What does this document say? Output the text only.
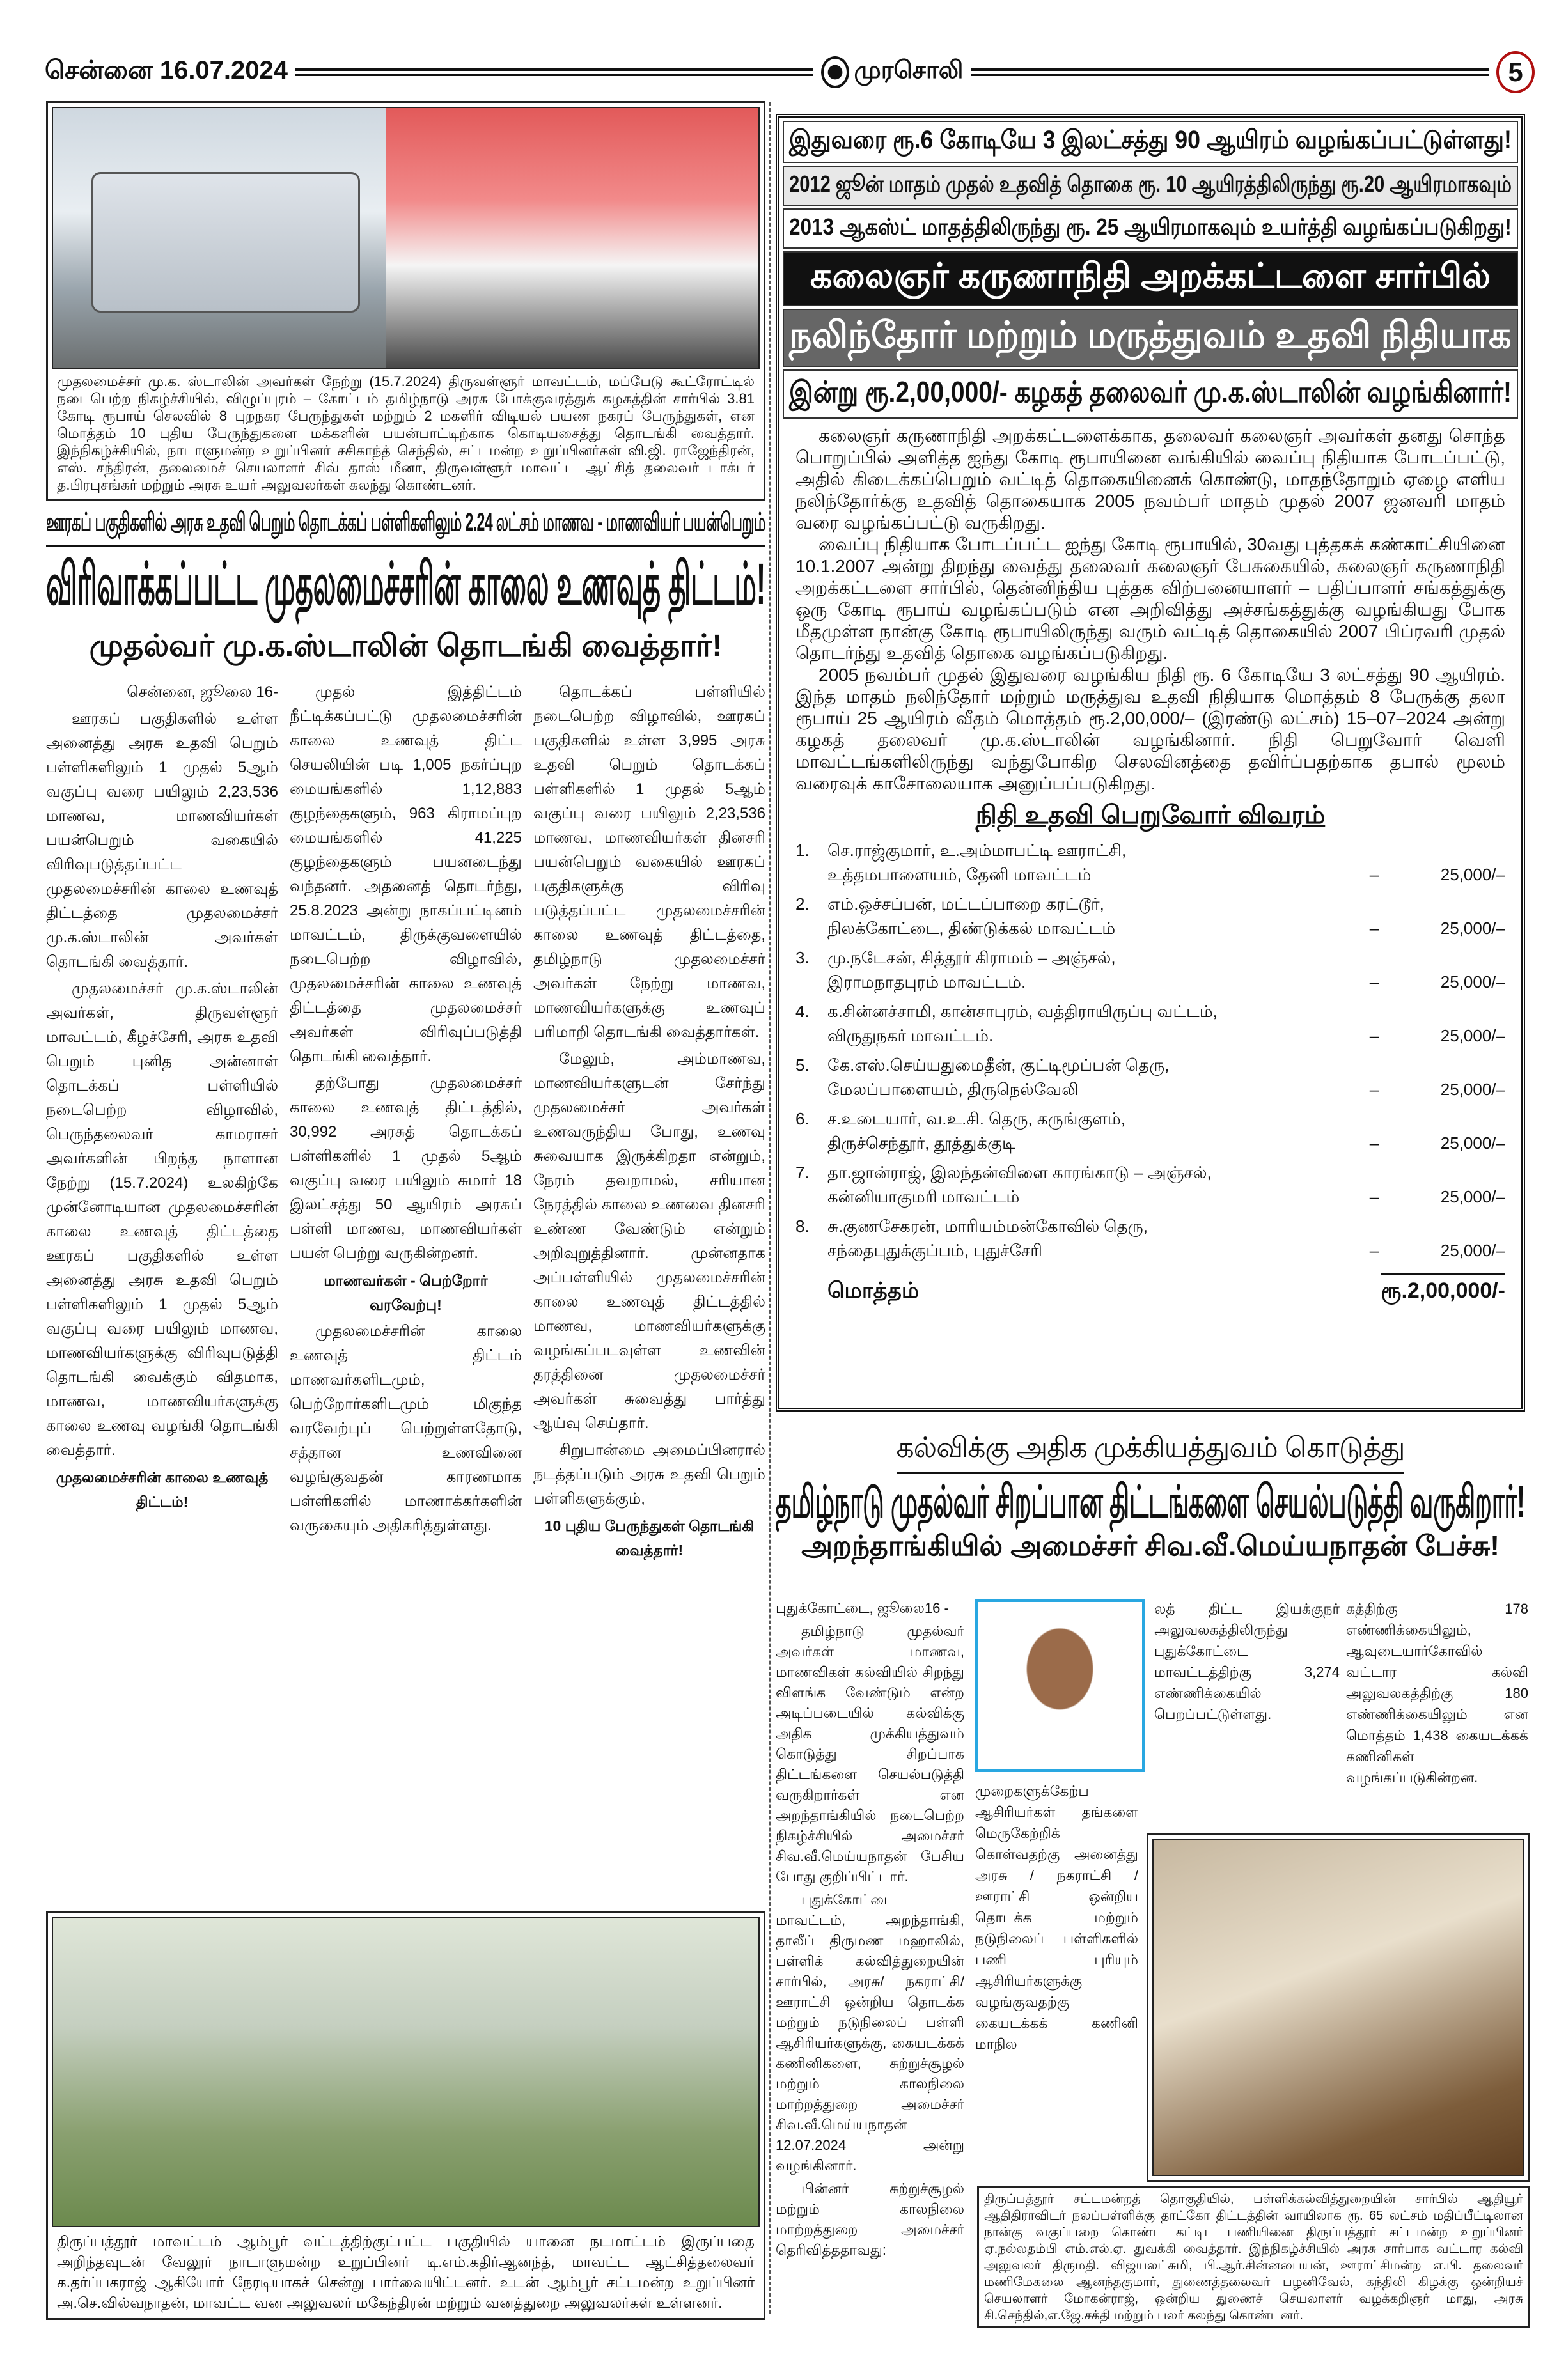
சென்னை 16.07.2024	முரசொலி	5

முதலமைச்சர் மு.க. ஸ்டாலின் அவர்கள் நேற்று (15.7.2024) திருவள்ளூர் மாவட்டம், மப்பேடு கூட்ரோட்டில் நடைபெற்ற நிகழ்ச்சியில், விழுப்புரம் – கோட்டம் தமிழ்நாடு அரசு போக்குவரத்துக் கழகத்தின் சார்பில் 3.81 கோடி ரூபாய் செலவில் 8 புறநகர பேருந்துகள் மற்றும் 2 மகளிர் விடியல் பயண நகரப் பேருந்துகள், என மொத்தம் 10 புதிய பேருந்துகளை மக்களின் பயன்பாட்டிற்காக கொடியசைத்து தொடங்கி வைத்தார். இந்நிகழ்ச்சியில், நாடாளுமன்ற உறுப்பினர் சசிகாந்த் செந்தில், சட்டமன்ற உறுப்பினர்கள் வி.ஜி. ராஜேந்திரன், எஸ். சந்திரன், தலைமைச் செயலாளர் சிவ் தாஸ் மீனா, திருவள்ளூர் மாவட்ட ஆட்சித் தலைவர் டாக்டர் த.பிரபுசங்கர் மற்றும் அரசு உயர் அலுவலர்கள் கலந்து கொண்டனர்.

ஊரகப் பகுதிகளில் அரசு உதவி பெறும் தொடக்கப் பள்ளிகளிலும் 2.24 லட்சம் மாணவ - மாணவியர் பயன்பெறும்
விரிவாக்கப்பட்ட முதலமைச்சரின் காலை உணவுத் திட்டம்!
முதல்வர் மு.க.ஸ்டாலின் தொடங்கி வைத்தார்!

சென்னை, ஜூலை 16-

ஊரகப் பகுதிகளில் உள்ள அனைத்து அரசு உதவி பெறும் பள்ளிகளிலும் 1 முதல் 5ஆம் வகுப்பு வரை பயிலும் 2,23,536 மாணவ, மாணவியர்கள் பயன்பெறும் வகையில் விரிவுபடுத்தப்பட்ட முதலமைச்சரின் காலை உணவுத் திட்டத்தை முதலமைச்சர் மு.க.ஸ்டாலின் அவர்கள் தொடங்கி வைத்தார்.

முதலமைச்சர் மு.க.ஸ்டாலின் அவர்கள், திருவள்ளூர் மாவட்டம், கீழச்சேரி, அரசு உதவி பெறும் புனித அன்னாள் தொடக்கப் பள்ளியில் நடைபெற்ற விழாவில், பெருந்தலைவர் காமராசர் அவர்களின் பிறந்த நாளான நேற்று (15.7.2024) உலகிற்கே முன்னோடியான முதலமைச்சரின் காலை உணவுத் திட்டத்தை ஊரகப் பகுதிகளில் உள்ள அனைத்து அரசு உதவி பெறும் பள்ளிகளிலும் 1 முதல் 5ஆம் வகுப்பு வரை பயிலும் மாணவ, மாணவியர்களுக்கு விரிவுபடுத்தி தொடங்கி வைக்கும் விதமாக, மாணவ, மாணவியர்களுக்கு காலை உணவு வழங்கி தொடங்கி வைத்தார்.

முதலமைச்சரின் காலை உணவுத் திட்டம்!

முதல் இத்திட்டம் நீட்டிக்கப்பட்டு முதலமைச்சரின் காலை உணவுத் திட்ட செயலியின் படி 1,005 நகர்ப்புற மையங்களில் 1,12,883 குழந்தைகளும், 963 கிராமப்புற மையங்களில் 41,225 குழந்தைகளும் பயனடைந்து வந்தனர். அதனைத் தொடர்ந்து, 25.8.2023 அன்று நாகப்பட்டினம் மாவட்டம், திருக்குவளையில் நடைபெற்ற விழாவில், முதலமைச்சரின் காலை உணவுத் திட்டத்தை முதலமைச்சர் அவர்கள் விரிவுப்படுத்தி தொடங்கி வைத்தார்.

தற்போது முதலமைச்சர் காலை உணவுத் திட்டத்தில், 30,992 அரசுத் தொடக்கப் பள்ளிகளில் 1 முதல் 5ஆம் வகுப்பு வரை பயிலும் சுமார் 18 இலட்சத்து 50 ஆயிரம் அரசுப் பள்ளி மாணவ, மாணவியர்கள் பயன் பெற்று வருகின்றனர்.

மாணவர்கள் - பெற்றோர் வரவேற்பு!

முதலமைச்சரின் காலை உணவுத் திட்டம் மாணவர்களிடமும், பெற்றோர்களிடமும் மிகுந்த வரவேற்புப் பெற்றுள்ளதோடு, சத்தான உணவினை வழங்குவதன் காரணமாக பள்ளிகளில் மாணாக்கர்களின் வருகையும் அதிகரித்துள்ளது.

தொடக்கப் பள்ளியில் நடைபெற்ற விழாவில், ஊரகப் பகுதிகளில் உள்ள 3,995 அரசு உதவி பெறும் தொடக்கப் பள்ளிகளில் 1 முதல் 5ஆம் வகுப்பு வரை பயிலும் 2,23,536 மாணவ, மாணவியர்கள் தினசரி பயன்பெறும் வகையில் ஊரகப் பகுதிகளுக்கு விரிவு படுத்தப்பட்ட முதலமைச்சரின் காலை உணவுத் திட்டத்தை, தமிழ்நாடு முதலமைச்சர் அவர்கள் நேற்று மாணவ, மாணவியர்களுக்கு உணவுப் பரிமாறி தொடங்கி வைத்தார்கள்.

மேலும், அம்மாணவ, மாணவியர்களுடன் சேர்ந்து முதலமைச்சர் அவர்கள் உணவருந்திய போது, உணவு சுவையாக இருக்கிறதா என்றும், நேரம் தவறாமல், சரியான நேரத்தில் காலை உணவை தினசரி உண்ண வேண்டும் என்றும் அறிவுறுத்தினார். முன்னதாக அப்பள்ளியில் முதலமைச்சரின் காலை உணவுத் திட்டத்தில் மாணவ, மாணவியர்களுக்கு வழங்கப்படவுள்ள உணவின் தரத்தினை முதலமைச்சர் அவர்கள் சுவைத்து பார்த்து ஆய்வு செய்தார்.

சிறுபான்மை அமைப்பினரால் நடத்தப்படும் அரசு உதவி பெறும் பள்ளிகளுக்கும்,

10 புதிய பேருந்துகள் தொடங்கி வைத்தார்!

திருப்பத்தூர் மாவட்டம் ஆம்பூர் வட்டத்திற்குட்பட்ட பகுதியில் யானை நடமாட்டம் இருப்பதை அறிந்தவுடன் வேலூர் நாடாளுமன்ற உறுப்பினர் டி.எம்.கதிர்ஆனந்த், மாவட்ட ஆட்சித்தலைவர் க.தர்ப்பகராஜ் ஆகியோர் நேரடியாகச் சென்று பார்வையிட்டனர். உடன் ஆம்பூர் சட்டமன்ற உறுப்பினர் அ.செ.வில்வநாதன், மாவட்ட வன அலுவலர் மகேந்திரன் மற்றும் வனத்துறை அலுவலர்கள் உள்ளனர்.

இதுவரை ரூ.6 கோடியே 3 இலட்சத்து 90 ஆயிரம் வழங்கப்பட்டுள்ளது!
2012 ஜூன் மாதம் முதல் உதவித் தொகை ரூ. 10 ஆயிரத்திலிருந்து ரூ.20 ஆயிரமாகவும்
2013 ஆகஸ்ட் மாதத்திலிருந்து ரூ. 25 ஆயிரமாகவும் உயர்த்தி வழங்கப்படுகிறது!
கலைஞர் கருணாநிதி அறக்கட்டளை சார்பில்
நலிந்தோர் மற்றும் மருத்துவம் உதவி நிதியாக
இன்று ரூ.2,00,000/- கழகத் தலைவர் மு.க.ஸ்டாலின் வழங்கினார்!

கலைஞர் கருணாநிதி அறக்கட்டளைக்காக, தலைவர் கலைஞர் அவர்கள் தனது சொந்த பொறுப்பில் அளித்த ஐந்து கோடி ரூபாயினை வங்கியில் வைப்பு நிதியாக போடப்பட்டு, அதில் கிடைக்கப்பெறும் வட்டித் தொகையினைக் கொண்டு, மாதந்தோறும் ஏழை எளிய நலிந்தோர்க்கு உதவித் தொகையாக 2005 நவம்பர் மாதம் முதல் 2007 ஜனவரி மாதம் வரை வழங்கப்பட்டு வருகிறது.

வைப்பு நிதியாக போடப்பட்ட ஐந்து கோடி ரூபாயில், 30வது புத்தகக் கண்காட்சியினை 10.1.2007 அன்று திறந்து வைத்து தலைவர் கலைஞர் பேசுகையில், கலைஞர் கருணாநிதி அறக்கட்டளை சார்பில், தென்னிந்திய புத்தக விற்பனையாளர் – பதிப்பாளர் சங்கத்துக்கு ஒரு கோடி ரூபாய் வழங்கப்படும் என அறிவித்து அச்சங்கத்துக்கு வழங்கியது போக மீதமுள்ள நான்கு கோடி ரூபாயிலிருந்து வரும் வட்டித் தொகையில் 2007 பிப்ரவரி முதல் தொடர்ந்து உதவித் தொகை வழங்கப்படுகிறது.

2005 நவம்பர் முதல் இதுவரை வழங்கிய நிதி ரூ. 6 கோடியே 3 லட்சத்து 90 ஆயிரம். இந்த மாதம் நலிந்தோர் மற்றும் மருத்துவ உதவி நிதியாக மொத்தம் 8 பேருக்கு தலா ரூபாய் 25 ஆயிரம் வீதம் மொத்தம் ரூ.2,00,000/– (இரண்டு லட்சம்) 15–07–2024 அன்று கழகத் தலைவர் மு.க.ஸ்டாலின் வழங்கினார். நிதி பெறுவோர் வெளி மாவட்டங்களிலிருந்து வந்துபோகிற செலவினத்தை தவிர்ப்பதற்காக தபால் மூலம் வரைவுக் காசோலையாக அனுப்பப்படுகிறது.

நிதி உதவி பெறுவோர் விவரம்
1.	செ.ராஜ்குமார், உ.அம்மாபட்டி ஊராட்சி,
உத்தமபாளையம், தேனி மாவட்டம்	–	25,000/–
2.	எம்.ஒச்சப்பன், மட்டப்பாறை கரட்டூர்,
நிலக்கோட்டை, திண்டுக்கல் மாவட்டம்	–	25,000/–
3.	மு.நடேசன், சித்தூர் கிராமம் – அஞ்சல்,
இராமநாதபுரம் மாவட்டம்.	–	25,000/–
4.	க.சின்னச்சாமி, கான்சாபுரம், வத்திராயிருப்பு வட்டம்,
விருதுநகர் மாவட்டம்.	–	25,000/–
5.	கே.எஸ்.செய்யதுமைதீன், குட்டிமூப்பன் தெரு,
மேலப்பாளையம், திருநெல்வேலி	–	25,000/–
6.	ச.உடையார், வ.உ.சி. தெரு, கருங்குளம்,
திருச்செந்தூர், தூத்துக்குடி	–	25,000/–
7.	தா.ஜான்ராஜ், இலந்தன்விளை காரங்காடு – அஞ்சல்,
கன்னியாகுமரி மாவட்டம்	–	25,000/–
8.	சு.குணசேகரன், மாரியம்மன்கோவில் தெரு,
சந்தைபுதுக்குப்பம், புதுச்சேரி	–	25,000/–
மொத்தம்	ரூ.2,00,000/-
கல்விக்கு அதிக முக்கியத்துவம் கொடுத்து
தமிழ்நாடு முதல்வர் சிறப்பான திட்டங்களை செயல்படுத்தி வருகிறார்!
அறந்தாங்கியில் அமைச்சர் சிவ.வீ.மெய்யநாதன் பேச்சு!

புதுக்கோட்டை, ஜூலை16 -

தமிழ்நாடு முதல்வர் அவர்கள் மாணவ, மாணவிகள் கல்வியில் சிறந்து விளங்க வேண்டும் என்ற அடிப்படையில் கல்விக்கு அதிக முக்கியத்துவம் கொடுத்து சிறப்பாக திட்டங்களை செயல்படுத்தி வருகிறார்கள் என அறந்தாங்கியில் நடைபெற்ற நிகழ்ச்சியில் அமைச்சர் சிவ.வீ.மெய்யநாதன் பேசிய போது குறிப்பிட்டார்.

புதுக்கோட்டை மாவட்டம், அறந்தாங்கி, தாலீப் திருமண மஹாலில், பள்ளிக் கல்வித்துறையின் சார்பில், அரசு/ நகராட்சி/ஊராட்சி ஒன்றிய தொடக்க மற்றும் நடுநிலைப் பள்ளி ஆசிரியர்களுக்கு, கையடக்கக் கணினிகளை, சுற்றுச்சூழல் மற்றும் காலநிலை மாற்றத்துறை அமைச்சர் சிவ.வீ.மெய்யநாதன் 12.07.2024 அன்று வழங்கினார்.

பின்னர் சுற்றுச்சூழல் மற்றும் காலநிலை மாற்றத்துறை அமைச்சர் தெரிவித்ததாவது:

முறைகளுக்கேற்ப ஆசிரியர்கள் தங்களை மெருகேற்றிக் கொள்வதற்கு அனைத்து அரசு / நகராட்சி / ஊராட்சி ஒன்றிய தொடக்க மற்றும் நடுநிலைப் பள்ளிகளில் பணி புரியும் ஆசிரியர்களுக்கு வழங்குவதற்கு கையடக்கக் கணினி மாநில

லத் திட்ட இயக்குநர் அலுவலகத்திலிருந்து புதுக்கோட்டை மாவட்டத்திற்கு 3,274 எண்ணிக்கையில் பெறப்பட்டுள்ளது.

கத்திற்கு 178 எண்ணிக்கையிலும், ஆவுடையார்கோவில் வட்டார கல்வி அலுவலகத்திற்கு 180 எண்ணிக்கையிலும் என மொத்தம் 1,438 கையடக்கக் கணினிகள் வழங்கப்படுகின்றன.

திருப்பத்தூர் சட்டமன்றத் தொகுதியில், பள்ளிக்கல்வித்துறையின் சார்பில் ஆதியூர் ஆதிதிராவிடர் நலப்பள்ளிக்கு தாட்கோ திட்டத்தின் வாயிலாக ரூ. 65 லட்சம் மதிப்பீட்டிலான நான்கு வகுப்பறை கொண்ட கட்டிட பணியினை திருப்பத்தூர் சட்டமன்ற உறுப்பினர் ஏ.நல்லதம்பி எம்.எல்.ஏ. துவக்கி வைத்தார். இந்நிகழ்ச்சியில் அரசு சார்பாக வட்டார கல்வி அலுவலர் திருமதி. விஜயலட்சுமி, பி.ஆர்.சின்னபையன், ஊராட்சிமன்ற எ.பி. தலைவர் மணிமேகலை ஆனந்தகுமார், துணைத்தலைவர் பழனிவேல், கந்திலி கிழக்கு ஒன்றியச் செயலாளர் மோகன்ராஜ், ஒன்றிய துணைச் செயலாளர் வழக்கறிஞர் மாது, அரசு சி.செந்தில்,எ.ஜே.சக்தி மற்றும் பலர் கலந்து கொண்டனர்.
